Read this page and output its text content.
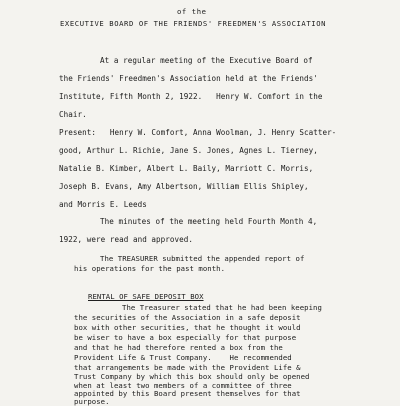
of the
EXECUTIVE BOARD OF THE FRIENDS' FREEDMEN'S ASSOCIATION
At a regular meeting of the Executive Board of
the Friends' Freedmen's Association held at the Friends'
Institute, Fifth Month 2, 1922.   Henry W. Comfort in the
Chair.
Present:   Henry W. Comfort, Anna Woolman, J. Henry Scatter-
good, Arthur L. Richie, Jane S. Jones, Agnes L. Tierney,
Natalie B. Kimber, Albert L. Baily, Marriott C. Morris,
Joseph B. Evans, Amy Albertson, William Ellis Shipley,
and Morris E. Leeds
The minutes of the meeting held Fourth Month 4,
1922, were read and approved.
The TREASURER submitted the appended report of
his operations for the past month.
RENTAL OF SAFE DEPOSIT BOX
The Treasurer stated that he had been keeping
the securities of the Association in a safe deposit
box with other securities, that he thought it would
be wiser to have a box especially for that purpose
and that he had therefore rented a box from the
Provident Life & Trust Company.    He recommended
that arrangements be made with the Provident Life &
Trust Company by which this box should only be opened
when at least two members of a committee of three
appointed by this Board present themselves for that
purpose.
